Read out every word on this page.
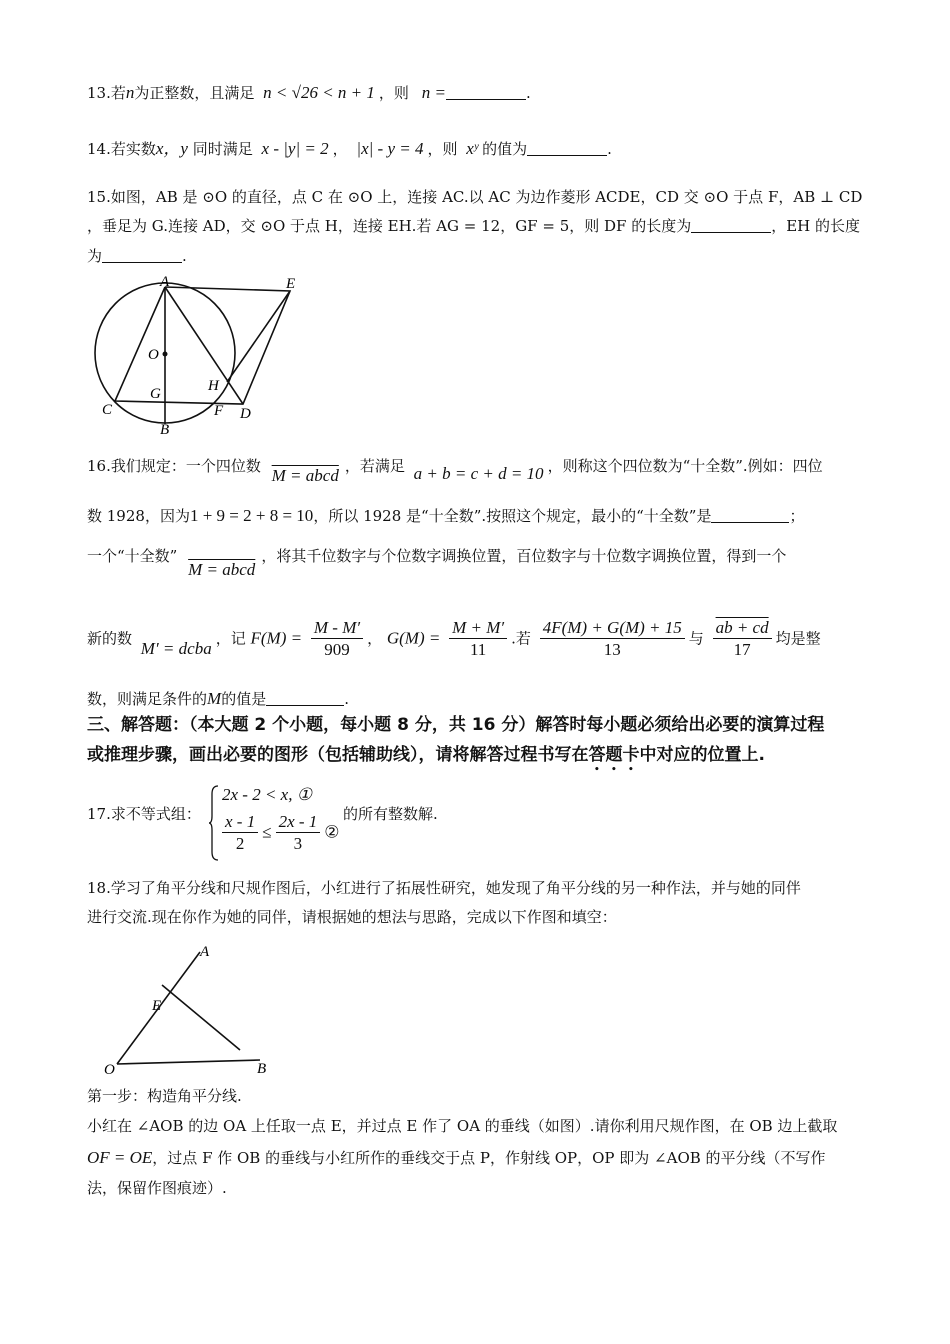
13.若n为正整数，且满足 n < √26 < n + 1 ，则 n =	.
14.若实数x，y 同时满足 x - |y| = 2 ， |x| - y = 4 ，则 xʸ 的值为	.
15.如图，AB 是 ⊙O 的直径，点 C 在 ⊙O 上，连接 AC.以 AC 为边作菱形 ACDE，CD 交 ⊙O 于点 F，AB ⊥ CD
，垂足为 G.连接 AD，交 ⊙O 于点 H，连接 EH.若 AG = 12，GF = 5，则 DF 的长度为	，EH 的长度
为	.
A	E
O
H
G
C	F D
B
16.我们规定：一个四位数 M = abcd ，若满足 a + b = c + d = 10 ，则称这个四位数为“十全数”.例如：四位
数 1928，因为1 + 9 = 2 + 8 = 10，所以 1928 是“十全数”.按照这个规定，最小的“十全数”是	；
一个“十全数” M = abcd，将其千位数字与个位数字调换位置，百位数字与十位数字调换位置，得到一个
新的数 M′ = dcba ，记 $F(M) = \frac{M - M'}{909}$ ， $G(M) = \frac{M + M'}{11}$ .若 $\frac{4F(M) + G(M) + 15}{13}$ 与 $\frac{ab + cd}{17}$ 均是整
数，则满足条件的M的值是	.
三、解答题：（本大题 2 个小题，每小题 8 分，共 16 分）解答时每小题必须给出必要的演算过程
或推理步骤，画出必要的图形（包括辅助线），请将解答过程书写在答题卡中对应的位置上.
17.求不等式组：
2x - 2 < x, ①
$\frac{x - 1}{2} \le \frac{2x - 1}{3}$ ②
的所有整数解.
18.学习了角平分线和尺规作图后，小红进行了拓展性研究，她发现了角平分线的另一种作法，并与她的同伴
进行交流.现在你作为她的同伴，请根据她的想法与思路，完成以下作图和填空：
A
E
O	B
第一步：构造角平分线.
小红在 ∠AOB 的边 OA 上任取一点 E，并过点 E 作了 OA 的垂线（如图）.请你利用尺规作图，在 OB 边上截取
OF = OE，过点 F 作 OB 的垂线与小红所作的垂线交于点 P，作射线 OP，OP 即为 ∠AOB 的平分线（不写作
法，保留作图痕迹）.
